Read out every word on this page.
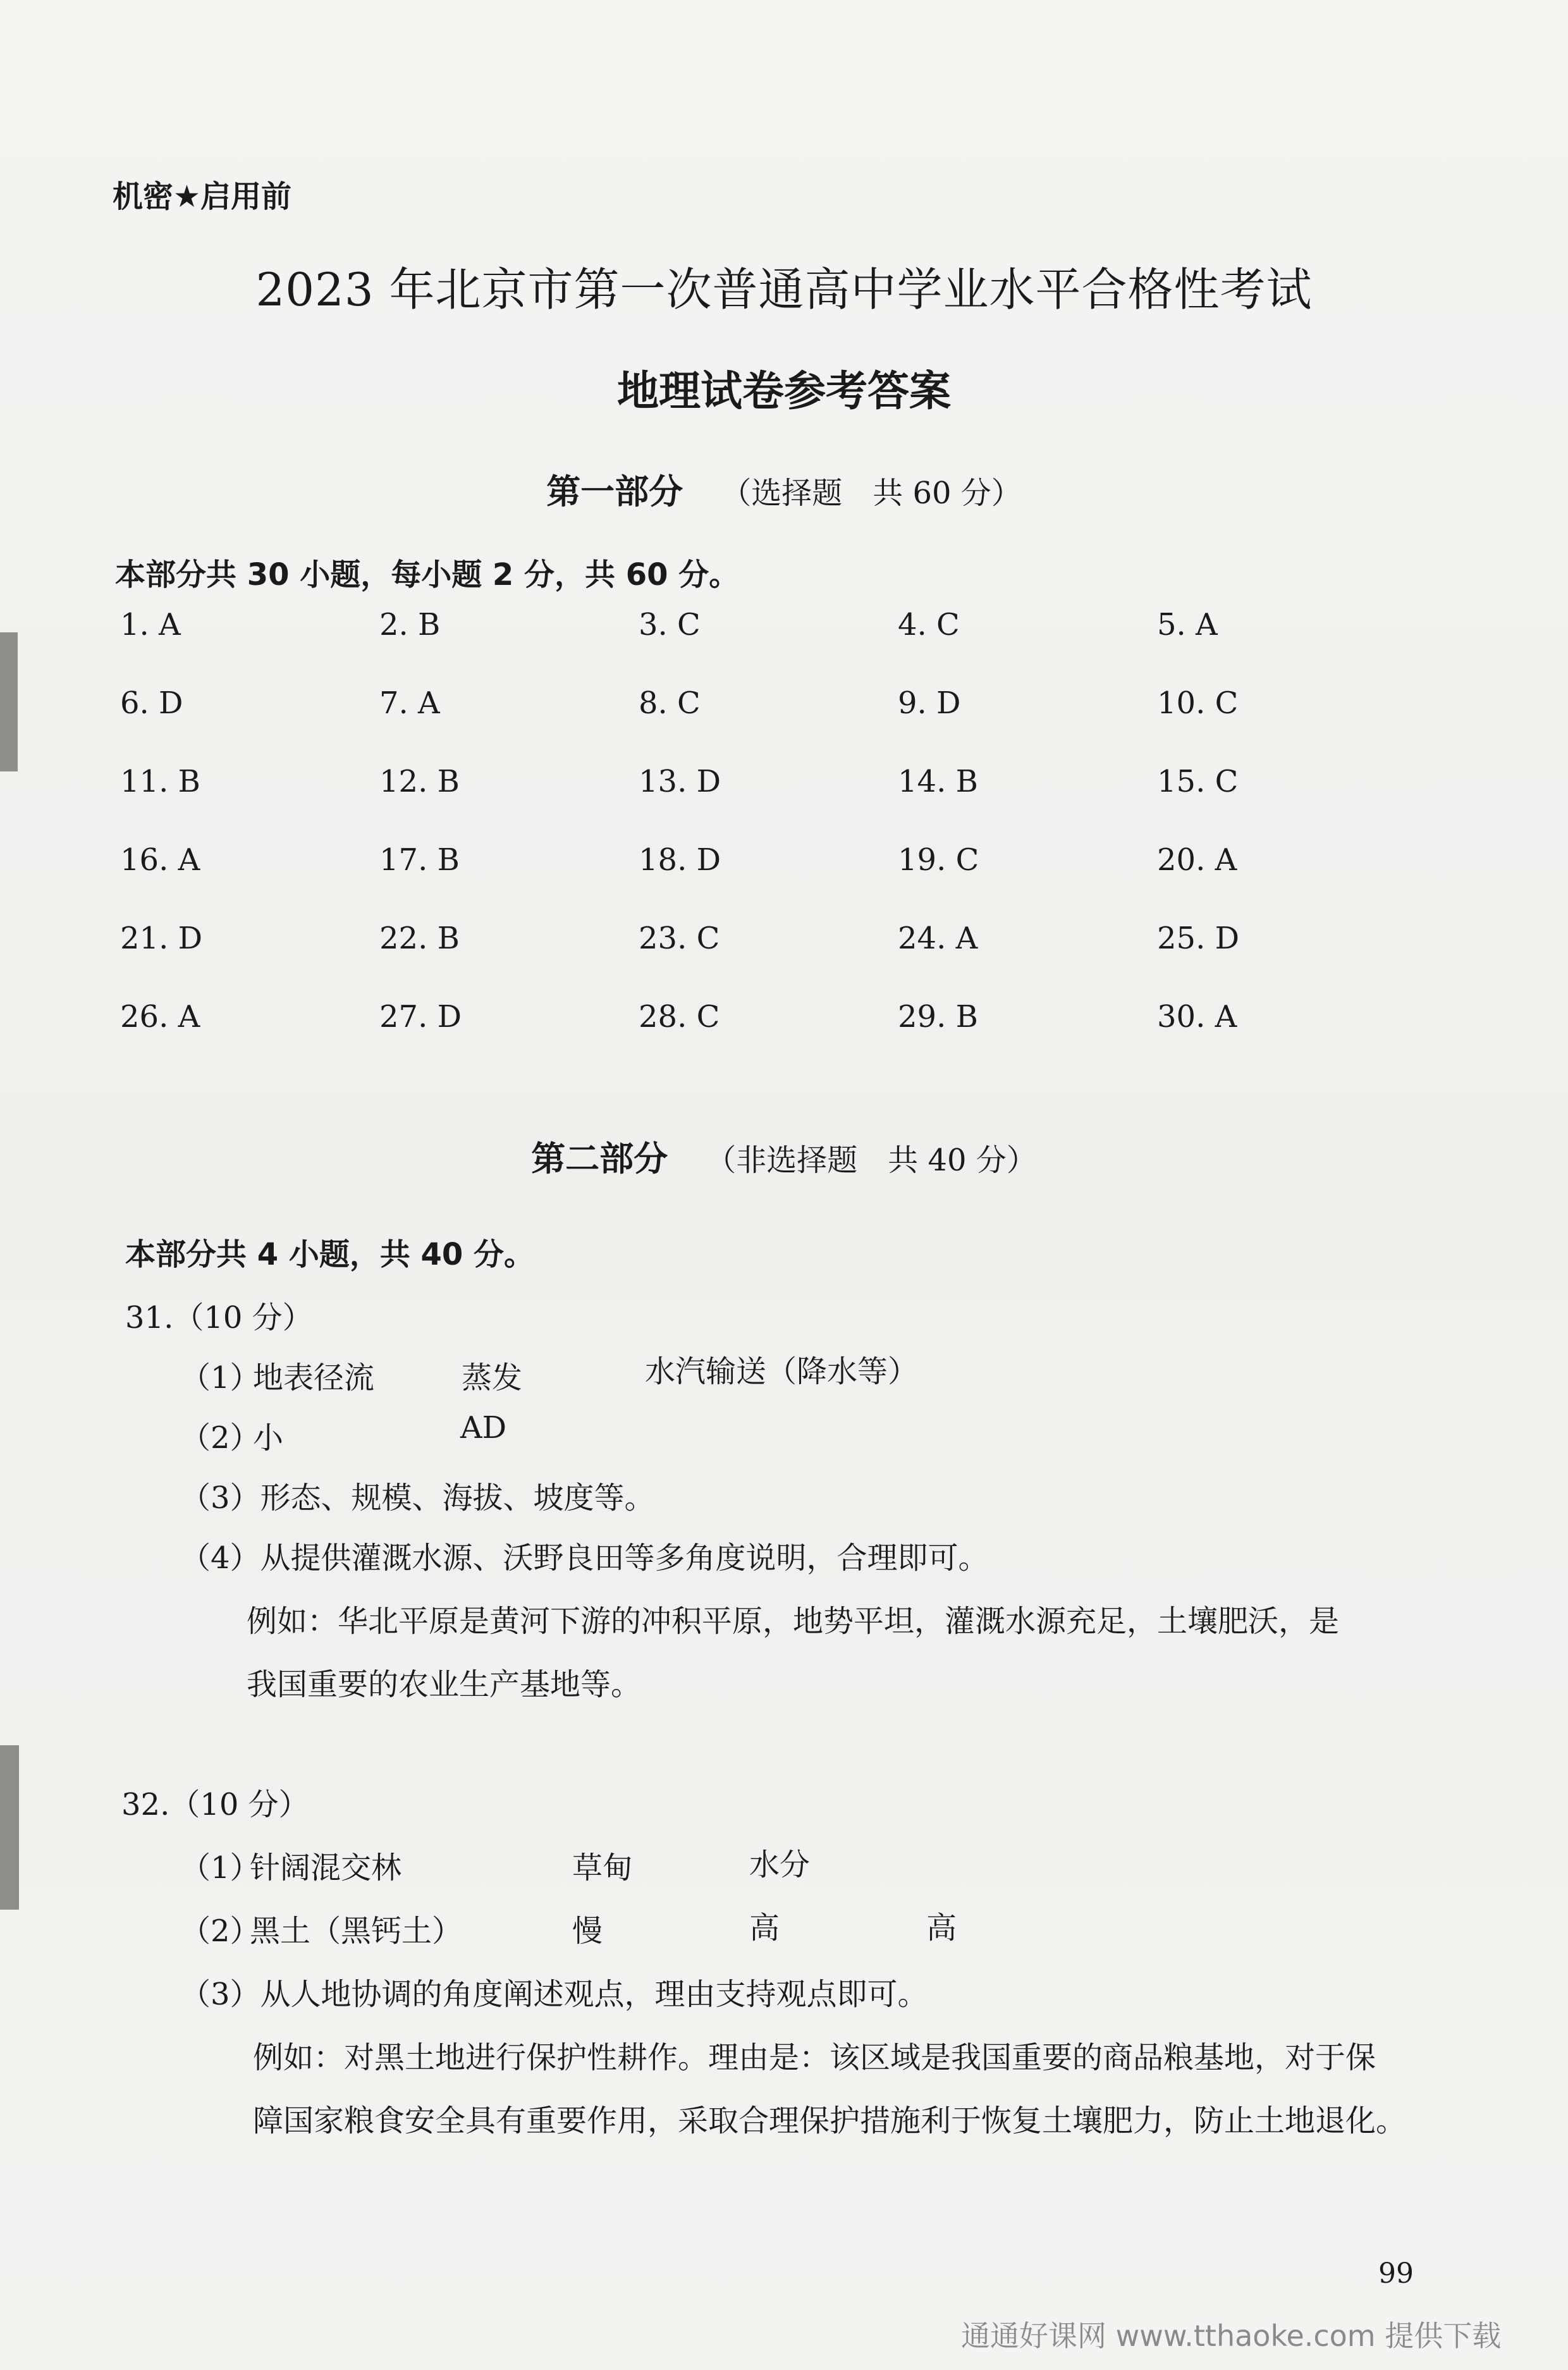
机密★启用前
2023 年北京市第一次普通高中学业水平合格性考试
地理试卷参考答案
第一部分 （选择题　共 60 分）
本部分共 30 小题，每小题 2 分，共 60 分。
1. A	2. B	3. C	4. C	5. A
6. D	7. A	8. C	9. D	10. C
11. B	12. B	13. D	14. B	15. C
16. A	17. B	18. D	19. C	20. A
21. D	22. B	23. C	24. A	25. D
26. A	27. D	28. C	29. B	30. A
第二部分 （非选择题　共 40 分）
本部分共 4 小题，共 40 分。
31.（10 分）
（1）
地表径流	蒸发	水汽输送（降水等）
（2）
小	AD
（3）形态、规模、海拔、坡度等。
（4）从提供灌溉水源、沃野良田等多角度说明，合理即可。
例如：华北平原是黄河下游的冲积平原，地势平坦，灌溉水源充足，土壤肥沃，是
我国重要的农业生产基地等。
32.（10 分）
（1）
针阔混交林	草甸	水分
（2）
黑土（黑钙土）	慢	高	高
（3）从人地协调的角度阐述观点，理由支持观点即可。
例如：对黑土地进行保护性耕作。理由是：该区域是我国重要的商品粮基地，对于保
障国家粮食安全具有重要作用，采取合理保护措施利于恢复土壤肥力，防止土地退化。
99
通通好课网 www.tthaoke.com 提供下载
